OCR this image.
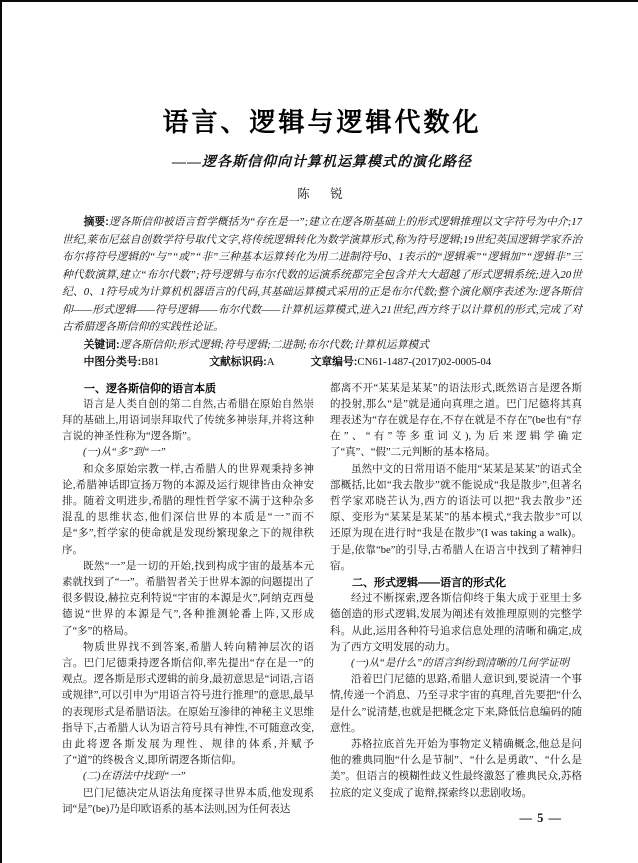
语言、逻辑与逻辑代数化
——逻各斯信仰向计算机运算模式的演化路径
陈　锐

摘要:逻各斯信仰被语言哲学概括为“存在是一”;建立在逻各斯基础上的形式逻辑推理以文字符号为中介;17世纪,莱布尼兹自创数学符号取代文字,将传统逻辑转化为数学演算形式,称为符号逻辑;19世纪英国逻辑学家乔治布尔将符号逻辑的“与”“或”“非”三种基本运算转化为用二进制符号0、1表示的“逻辑乘”“逻辑加”“逻辑非”三种代数演算,建立“布尔代数”;符号逻辑与布尔代数的运演系统都完全包含并大大超越了形式逻辑系统;进入20世纪、0、1符号成为计算机机器语言的代码,其基础运算模式采用的正是布尔代数;整个演化顺序表述为:逻各斯信仰——形式逻辑——符号逻辑——布尔代数——计算机运算模式,进入21世纪,西方终于以计算机的形式,完成了对古希腊逻各斯信仰的实践性论证。

关键词:逻各斯信仰;形式逻辑;符号逻辑;二进制;布尔代数;计算机运算模式

中图分类号:B81	文献标识码:A	文章编号:CN61-1487-(2017)02-0005-04

一、逻各斯信仰的语言本质

语言是人类自创的第二自然,古希腊在原始自然崇拜的基础上,用语词崇拜取代了传统多神崇拜,并将这种言说的神圣性称为“逻各斯”。

(一)从“多”到“一”

和众多原始宗教一样,古希腊人的世界观秉持多神论,希腊神话即宣扬万物的本源及运行规律皆由众神安排。随着文明进步,希腊的理性哲学家不满于这种杂多混乱的思维状态,他们深信世界的本质是“一”而不是“多”,哲学家的使命就是发现纷繁现象之下的规律秩序。

既然“一”是一切的开始,找到构成宇宙的最基本元素就找到了“一”。希腊智者关于世界本源的问题提出了很多假设,赫拉克利特说“宇宙的本源是火”,阿纳克西曼德说“世界的本源是气”,各种推测轮番上阵,又形成了“多”的格局。

物质世界找不到答案,希腊人转向精神层次的语言。巴门尼德秉持逻各斯信仰,率先提出“存在是一”的观点。逻各斯是形式逻辑的前身,最初意思是“词语,言语或规律”,可以引申为“用语言符号进行推理”的意思,最早的表现形式是希腊语法。在原始互渗律的神秘主义思维指导下,古希腊人认为语言符号具有神性,不可随意改变,由此将逻各斯发展为理性、规律的体系,并赋予了“道”的终极含义,即所谓逻各斯信仰。

(二)在语法中找到“一”

巴门尼德决定从语法角度探寻世界本质,他发现系词“是”(be)乃是印欧语系的基本法则,因为任何表达

都离不开“某某是某某”的语法形式,既然语言是逻各斯的投射,那么“是”就是通向真理之道。巴门尼德将其真理表述为“存在就是存在,不存在就是不存在”(be也有“存在”、“有”等多重词义),为后来逻辑学确定了“真”、“假”二元判断的基本格局。

虽然中文的日常用语不能用“某某是某某”的语式全部概括,比如“我去散步”就不能说成“我是散步”,但著名哲学家邓晓芒认为,西方的语法可以把“我去散步”还原、变形为“某某是某某”的基本模式,“我去散步”可以还原为现在进行时“我是在散步”(I was taking a walk)。于是,依靠“be”的引导,古希腊人在语言中找到了精神归宿。

二、形式逻辑——语言的形式化

经过不断探索,逻各斯信仰终于集大成于亚里士多德创造的形式逻辑,发展为阐述有效推理原则的完整学科。从此,运用各种符号追求信息处理的清晰和确定,成为了西方文明发展的动力。

(一)从“是什么”的语言纠纷到清晰的几何学证明

沿着巴门尼德的思路,希腊人意识到,要说清一个事情,传递一个消息、乃至寻求宇宙的真理,首先要把“什么是什么”说清楚,也就是把概念定下来,降低信息编码的随意性。

苏格拉底首先开始为事物定义精确概念,他总是问他的雅典同胞“什么是节制”、“什么是勇敢”、“什么是美”。但语言的模糊性歧义性最终激怒了雅典民众,苏格拉底的定义变成了诡辩,探索终以悲剧收场。

— 5 —
